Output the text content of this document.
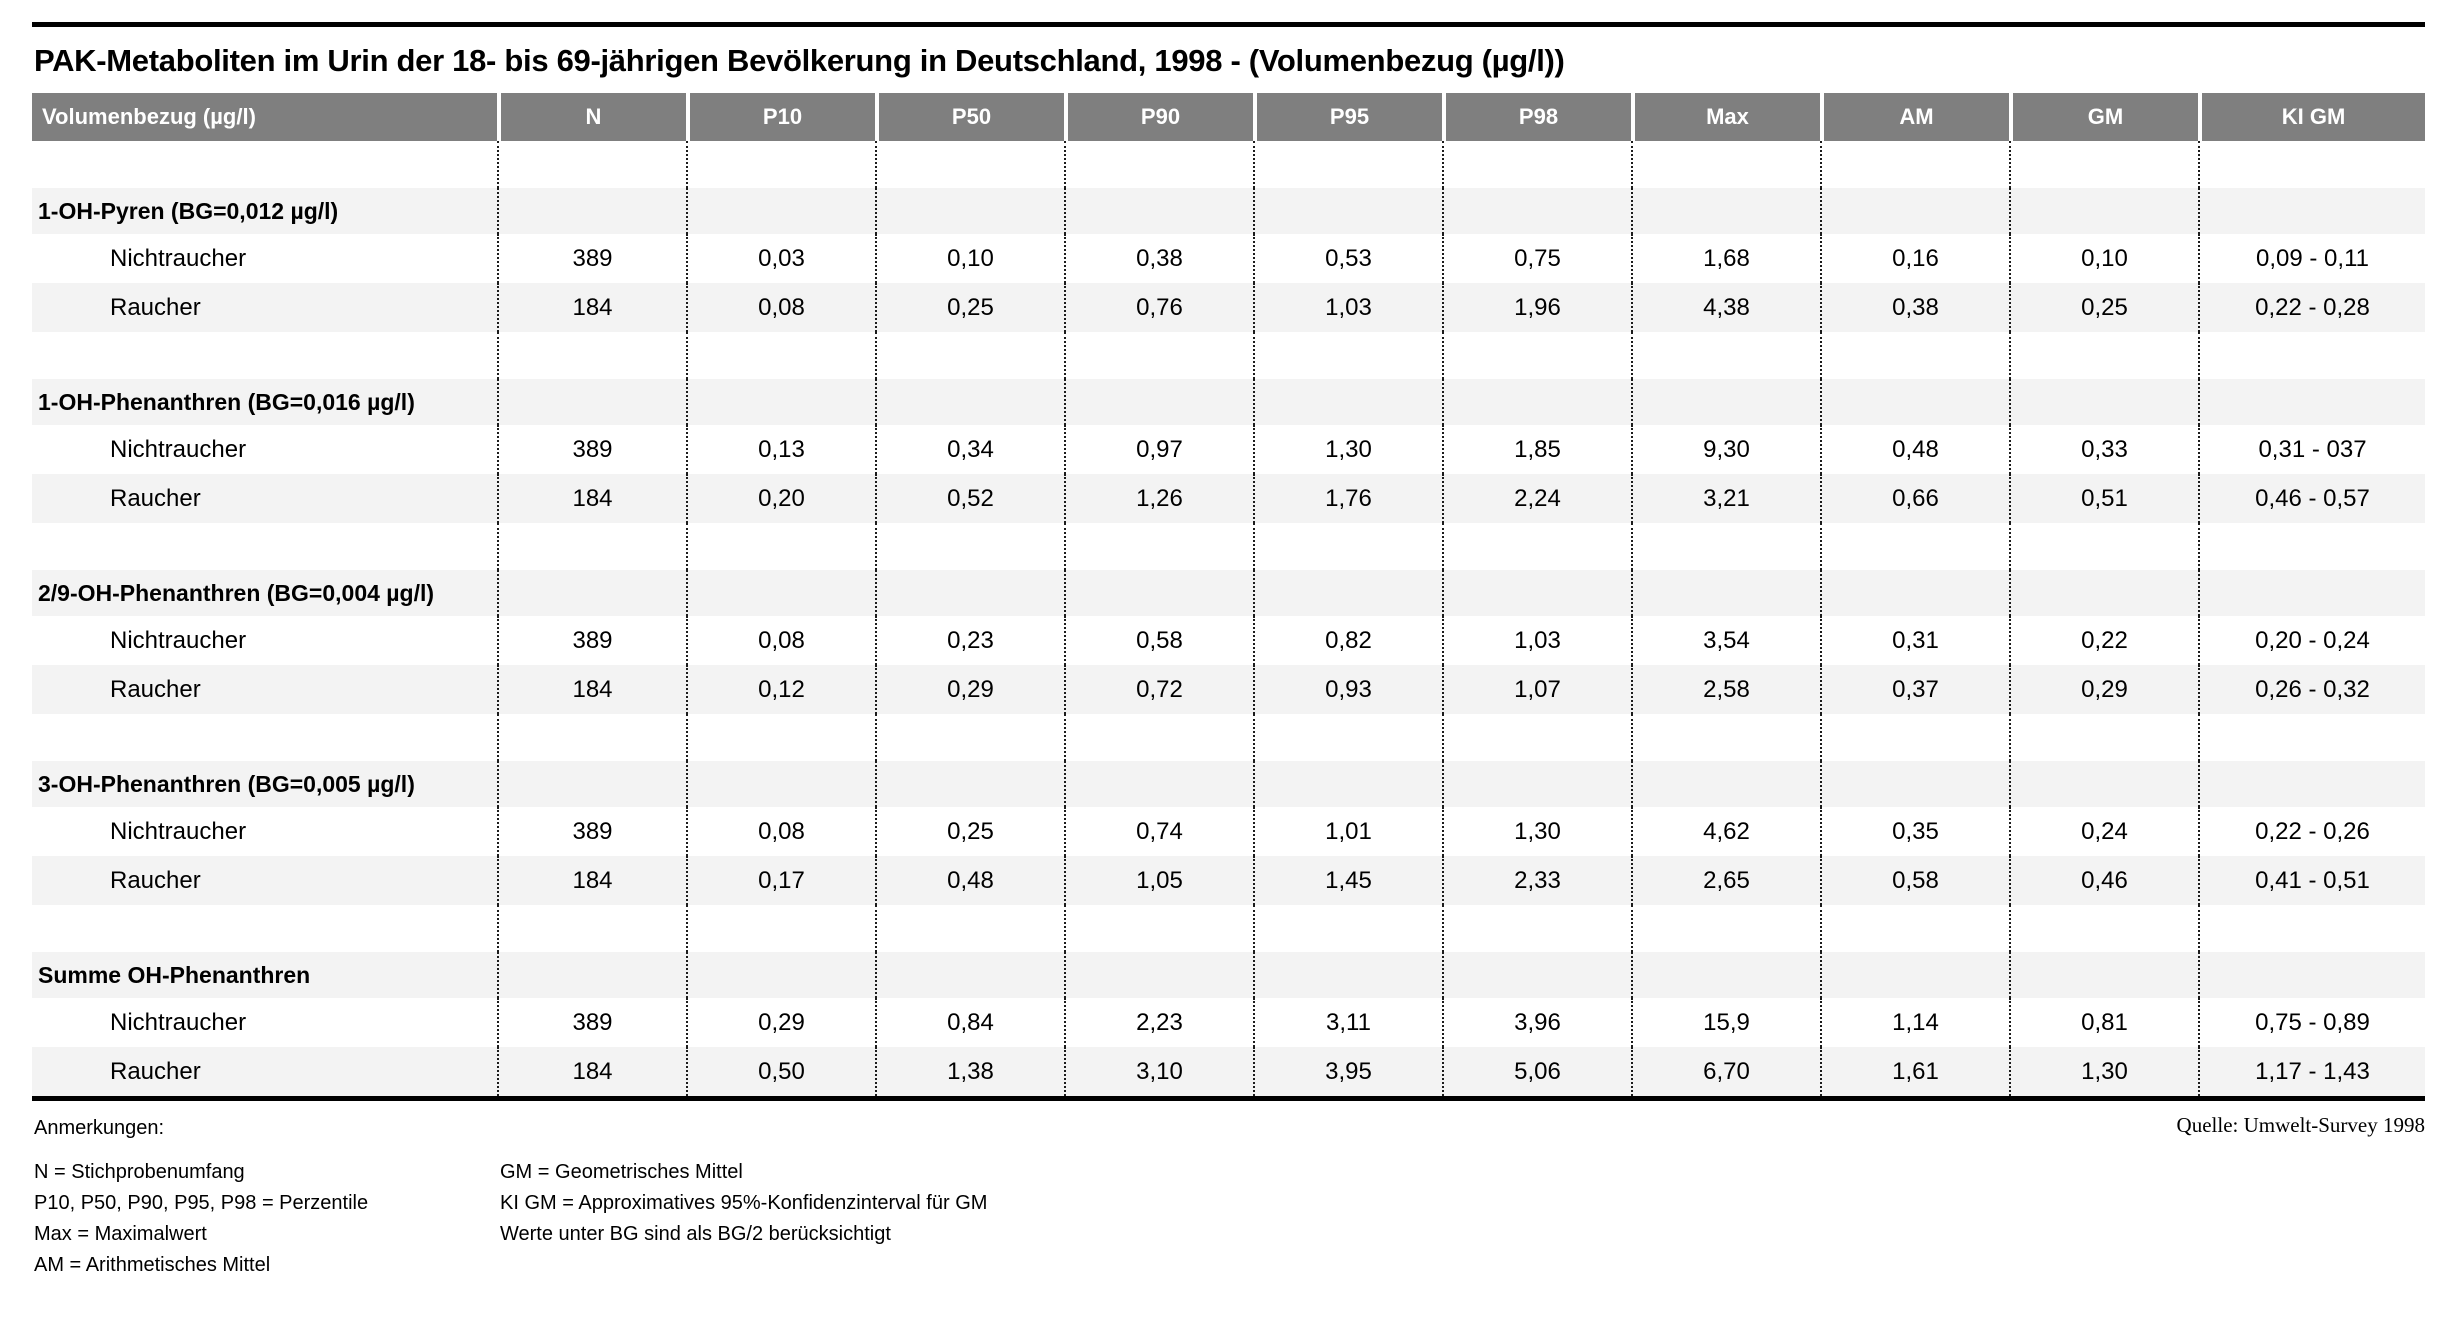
PAK-Metaboliten im Urin der 18- bis 69-jährigen Bevölkerung in Deutschland, 1998 - (Volumenbezug (µg/l))
Volumenbezug (µg/l)	N	P10	P50	P90	P95	P98	Max	AM	GM	KI GM

1-OH-Pyren (BG=0,012 µg/l)										
Nichtraucher	389	0,03	0,10	0,38	0,53	0,75	1,68	0,16	0,10	0,09 - 0,11
Raucher	184	0,08	0,25	0,76	1,03	1,96	4,38	0,38	0,25	0,22 - 0,28

1-OH-Phenanthren (BG=0,016 µg/l)										
Nichtraucher	389	0,13	0,34	0,97	1,30	1,85	9,30	0,48	0,33	0,31 - 037
Raucher	184	0,20	0,52	1,26	1,76	2,24	3,21	0,66	0,51	0,46 - 0,57

2/9-OH-Phenanthren (BG=0,004 µg/l)										
Nichtraucher	389	0,08	0,23	0,58	0,82	1,03	3,54	0,31	0,22	0,20 - 0,24
Raucher	184	0,12	0,29	0,72	0,93	1,07	2,58	0,37	0,29	0,26 - 0,32

3-OH-Phenanthren (BG=0,005 µg/l)										
Nichtraucher	389	0,08	0,25	0,74	1,01	1,30	4,62	0,35	0,24	0,22 - 0,26
Raucher	184	0,17	0,48	1,05	1,45	2,33	2,65	0,58	0,46	0,41 - 0,51

Summe OH-Phenanthren										
Nichtraucher	389	0,29	0,84	2,23	3,11	3,96	15,9	1,14	0,81	0,75 - 0,89
Raucher	184	0,50	1,38	3,10	3,95	5,06	6,70	1,61	1,30	1,17 - 1,43
Quelle: Umwelt-Survey 1998
Anmerkungen:
N = Stichprobenumfang
P10, P50, P90, P95, P98 = Perzentile
Max = Maximalwert
AM = Arithmetisches Mittel
GM = Geometrisches Mittel
KI GM = Approximatives 95%-Konfidenzinterval für GM
Werte unter BG sind als BG/2 berücksichtigt
